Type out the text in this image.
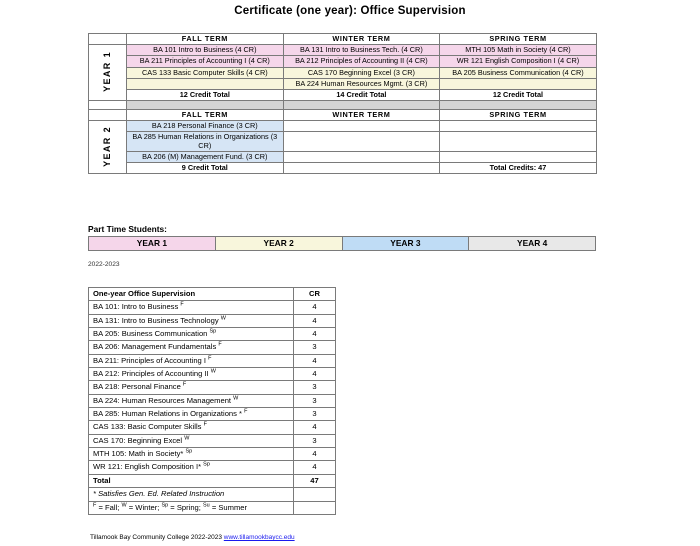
Certificate (one year): Office Supervision
	FALL TERM	WINTER TERM	SPRING TERM
YEAR 1	BA 101 Intro to Business (4 CR)	BA 131 Intro to Business Tech. (4 CR)	MTH 105 Math in Society (4 CR)
	BA 211 Principles of Accounting I (4 CR)	BA 212 Principles of Accounting II (4 CR)	WR 121 English Composition I (4 CR)
	CAS 133 Basic Computer Skills (4 CR)	CAS 170 Beginning Excel (3 CR)	BA 205 Business Communication (4 CR)
		BA 224 Human Resources Mgmt. (3 CR)	
	12 Credit Total	14 Credit Total	12 Credit Total

	FALL TERM	WINTER TERM	SPRING TERM
YEAR 2	BA 218 Personal Finance (3 CR)		
	BA 285 Human Relations in Organizations (3 CR)		
	BA 206 (M) Management Fund. (3 CR)		
	9 Credit Total		Total Credits: 47
Part Time Students:
YEAR 1	YEAR 2	YEAR 3	YEAR 4
2022-2023
One-year Office Supervision	CR
BA 101: Intro to Business $^F$	4
BA 131: Intro to Business Technology $^W$	4
BA 205: Business Communication $^{Sp}$	4
BA 206: Management Fundamentals $^F$	3
BA 211: Principles of Accounting I $^F$	4
BA 212: Principles of Accounting II $^W$	4
BA 218: Personal Finance $^F$	3
BA 224: Human Resources Management $^W$	3
BA 285: Human Relations in Organizations * $^F$	3
CAS 133: Basic Computer Skills $^F$	4
CAS 170: Beginning Excel $^W$	3
MTH 105: Math in Society* $^{Sp}$	4
WR 121: English Composition I* $^{Sp}$	4
Total	47
* Satisfies Gen. Ed. Related Instruction	
$^F$ = Fall; $^W$ = Winter; $^{Sp}$ = Spring; $^{Su}$ = Summer	
Tillamook Bay Community College 2022-2023 www.tillamookbaycc.edu
